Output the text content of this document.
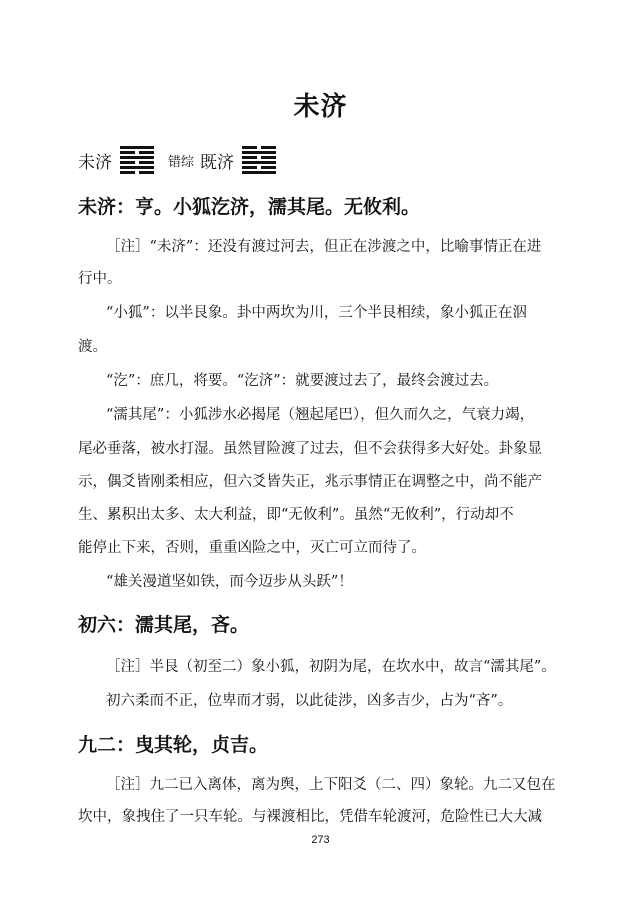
未济
未济	错综 既济
未济：亨。小狐汔济，濡其尾。无攸利。
［注］“未济”：还没有渡过河去，但正在涉渡之中，比喻事情正在进
行中。
“小狐”：以半艮象。卦中两坎为川，三个半艮相续，象小狐正在泅
渡。
“汔”：庶几，将要。“汔济”：就要渡过去了，最终会渡过去。
“濡其尾”：小狐涉水必揭尾（翘起尾巴），但久而久之，气衰力竭，
尾必垂落，被水打湿。虽然冒险渡了过去，但不会获得多大好处。卦象显
示，偶爻皆刚柔相应，但六爻皆失正，兆示事情正在调整之中，尚不能产
生、累积出太多、太大利益，即“无攸利”。虽然“无攸利”，行动却不
能停止下来，否则，重重凶险之中，灭亡可立而待了。
“雄关漫道坚如铁，而今迈步从头跃”！
初六：濡其尾，吝。
［注］半艮（初至二）象小狐，初阴为尾，在坎水中，故言“濡其尾”。
初六柔而不正，位卑而才弱，以此徒涉，凶多吉少，占为“吝”。
九二：曳其轮，贞吉。
［注］九二已入离体，离为舆，上下阳爻（二、四）象轮。九二又包在
坎中，象拽住了一只车轮。与裸渡相比，凭借车轮渡河，危险性已大大减
273
